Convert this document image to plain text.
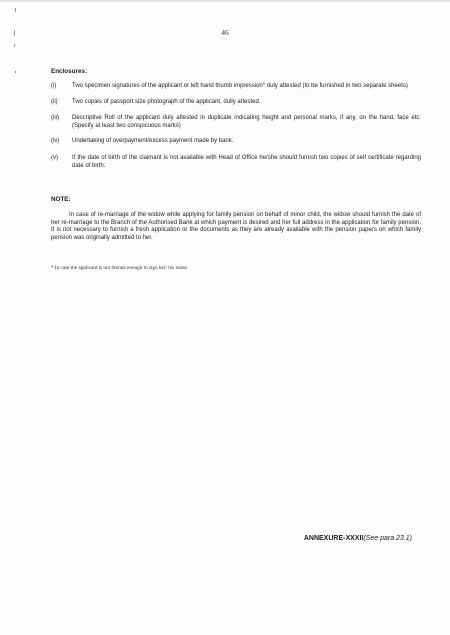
46
Enclosures:
(i)	Two specimen signatures of the applicant or left hand thumb impression* duly attested (to be furnished in two separate sheets)
(ii)	Two copies of passport size photograph of the applicant, dully attested.
(iii)	Descriptive Roll of the applicant duly attested in duplicate indicating height and personal marks, if any, on the hand, face etc. (Specify at least two conspicuous marks)
(iv)	Undertaking of overpayment/excess payment made by bank.
(v)	If the date of birth of the claimant is not available with Head of Office he/she should furnish two copies of self certificate regarding date of birth.
NOTE:

In case of re-marriage of the widow while applying for family pension on behalf of minor child, the widow should furnish the date of her re-marriage to the Branch of the Authorised Bank at which payment is desired and her full address in the application for family pension. It is not necessary to furnish a fresh application or the documents as they are already available with the pension papers on which family pension was originally admitted to her.

* In case the applicant is not literate enough to sign her/ his name.
ANNEXURE-XXXII(See para 23.1)
